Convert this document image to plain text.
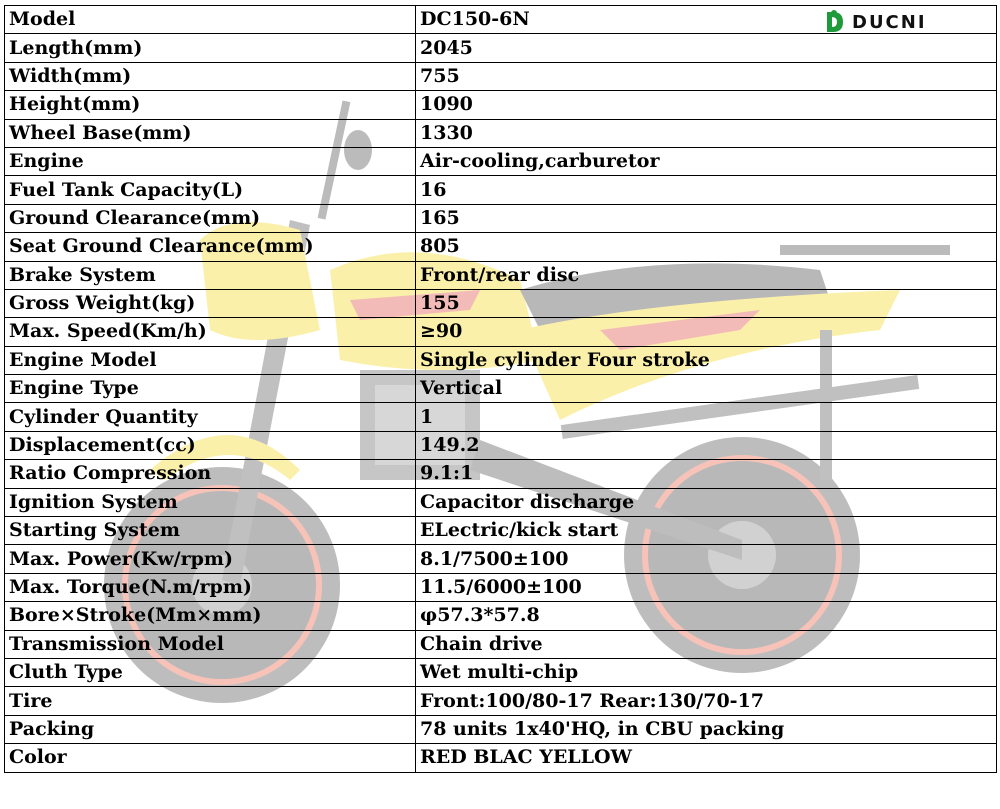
DUCNI
Model	DC150-6N
Length(mm)	2045
Width(mm)	755
Height(mm)	1090
Wheel Base(mm)	1330
Engine	Air-cooling,carburetor
Fuel Tank Capacity(L)	16
Ground Clearance(mm)	165
Seat Ground Clearance(mm)	805
Brake System	Front/rear disc
Gross Weight(kg)	155
Max. Speed(Km/h)	≥90
Engine Model	Single cylinder Four stroke
Engine Type	Vertical
Cylinder Quantity	1
Displacement(cc)	149.2
Ratio Compression	9.1:1
Ignition System	Capacitor discharge
Starting System	ELectric/kick start
Max. Power(Kw/rpm)	8.1/7500±100
Max. Torque(N.m/rpm)	11.5/6000±100
Bore×Stroke(Mm×mm)	φ57.3*57.8
Transmission Model	Chain drive
Cluth Type	Wet multi-chip
Tire	Front:100/80-17 Rear:130/70-17
Packing	78 units 1x40'HQ, in CBU packing
Color	RED BLAC YELLOW
